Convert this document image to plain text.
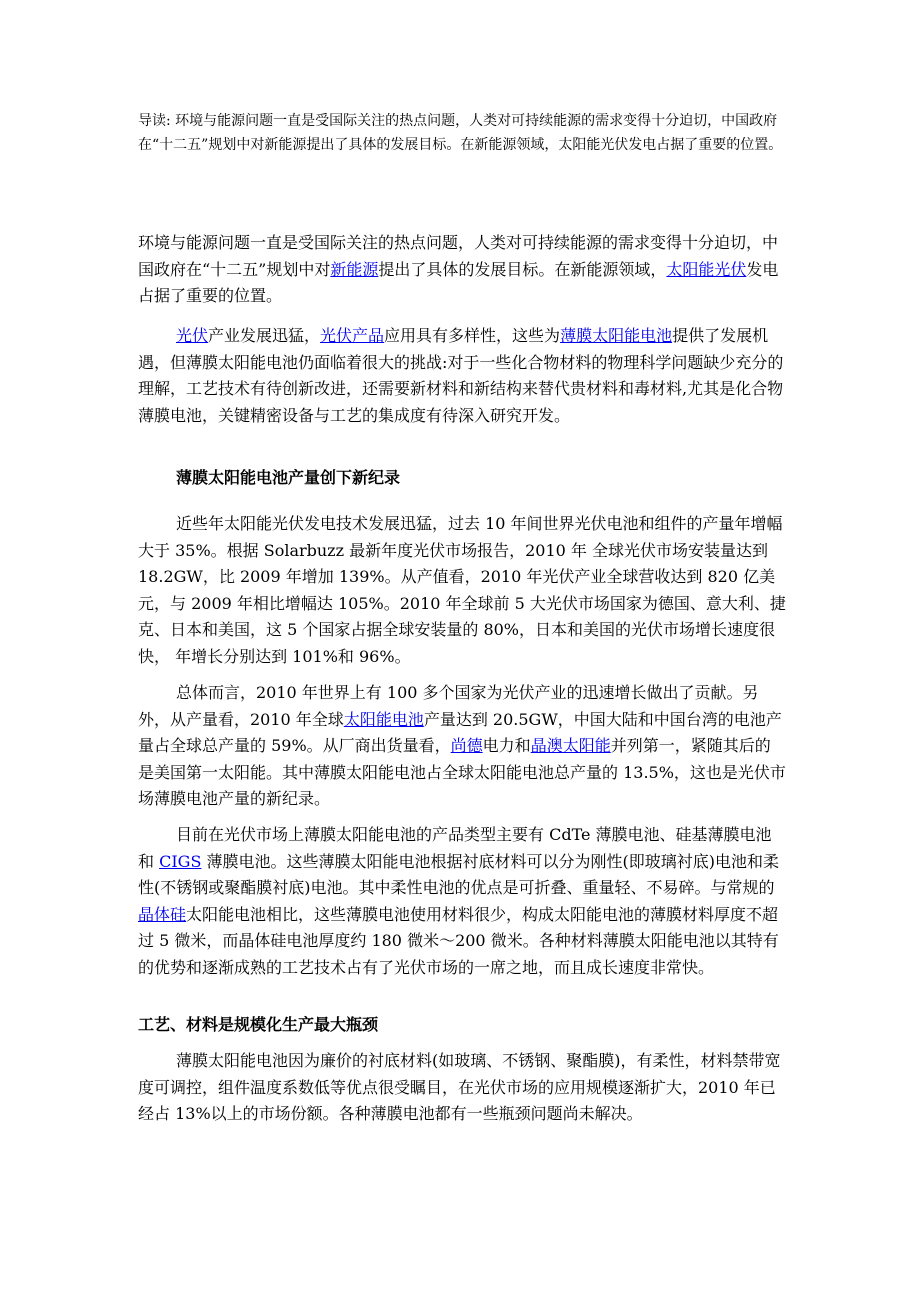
导读: 环境与能源问题一直是受国际关注的热点问题，人类对可持续能源的需求变得十分迫切，中国政府在“十二五”规划中对新能源提出了具体的发展目标。在新能源领域，太阳能光伏发电占据了重要的位置。

环境与能源问题一直是受国际关注的热点问题，人类对可持续能源的需求变得十分迫切，中国政府在“十二五”规划中对新能源提出了具体的发展目标。在新能源领域，太阳能光伏发电占据了重要的位置。

光伏产业发展迅猛，光伏产品应用具有多样性，这些为薄膜太阳能电池提供了发展机遇，但薄膜太阳能电池仍面临着很大的挑战:对于一些化合物材料的物理科学问题缺少充分的理解，工艺技术有待创新改进，还需要新材料和新结构来替代贵材料和毒材料,尤其是化合物薄膜电池，关键精密设备与工艺的集成度有待深入研究开发。

薄膜太阳能电池产量创下新纪录

近些年太阳能光伏发电技术发展迅猛，过去 10 年间世界光伏电池和组件的产量年增幅大于 35%。根据 Solarbuzz 最新年度光伏市场报告，2010 年 全球光伏市场安装量达到 18.2GW，比 2009 年增加 139%。从产值看，2010 年光伏产业全球营收达到 820 亿美元，与 2009 年相比增幅达 105%。2010 年全球前 5 大光伏市场国家为德国、意大利、捷克、日本和美国，这 5 个国家占据全球安装量的 80%，日本和美国的光伏市场增长速度很快， 年增长分别达到 101%和 96%。

总体而言，2010 年世界上有 100 多个国家为光伏产业的迅速增长做出了贡献。另外，从产量看，2010 年全球太阳能电池产量达到 20.5GW，中国大陆和中国台湾的电池产量占全球总产量的 59%。从厂商出货量看，尚德电力和晶澳太阳能并列第一，紧随其后的是美国第一太阳能。其中薄膜太阳能电池占全球太阳能电池总产量的 13.5%，这也是光伏市场薄膜电池产量的新纪录。

目前在光伏市场上薄膜太阳能电池的产品类型主要有 CdTe 薄膜电池、硅基薄膜电池和 CIGS 薄膜电池。这些薄膜太阳能电池根据衬底材料可以分为刚性(即玻璃衬底)电池和柔性(不锈钢或聚酯膜衬底)电池。其中柔性电池的优点是可折叠、重量轻、不易碎。与常规的晶体硅太阳能电池相比，这些薄膜电池使用材料很少，构成太阳能电池的薄膜材料厚度不超过 5 微米，而晶体硅电池厚度约 180 微米～200 微米。各种材料薄膜太阳能电池以其特有的优势和逐渐成熟的工艺技术占有了光伏市场的一席之地，而且成长速度非常快。

工艺、材料是规模化生产最大瓶颈

薄膜太阳能电池因为廉价的衬底材料(如玻璃、不锈钢、聚酯膜)，有柔性，材料禁带宽度可调控，组件温度系数低等优点很受瞩目，在光伏市场的应用规模逐渐扩大，2010 年已经占 13%以上的市场份额。各种薄膜电池都有一些瓶颈问题尚未解决。
